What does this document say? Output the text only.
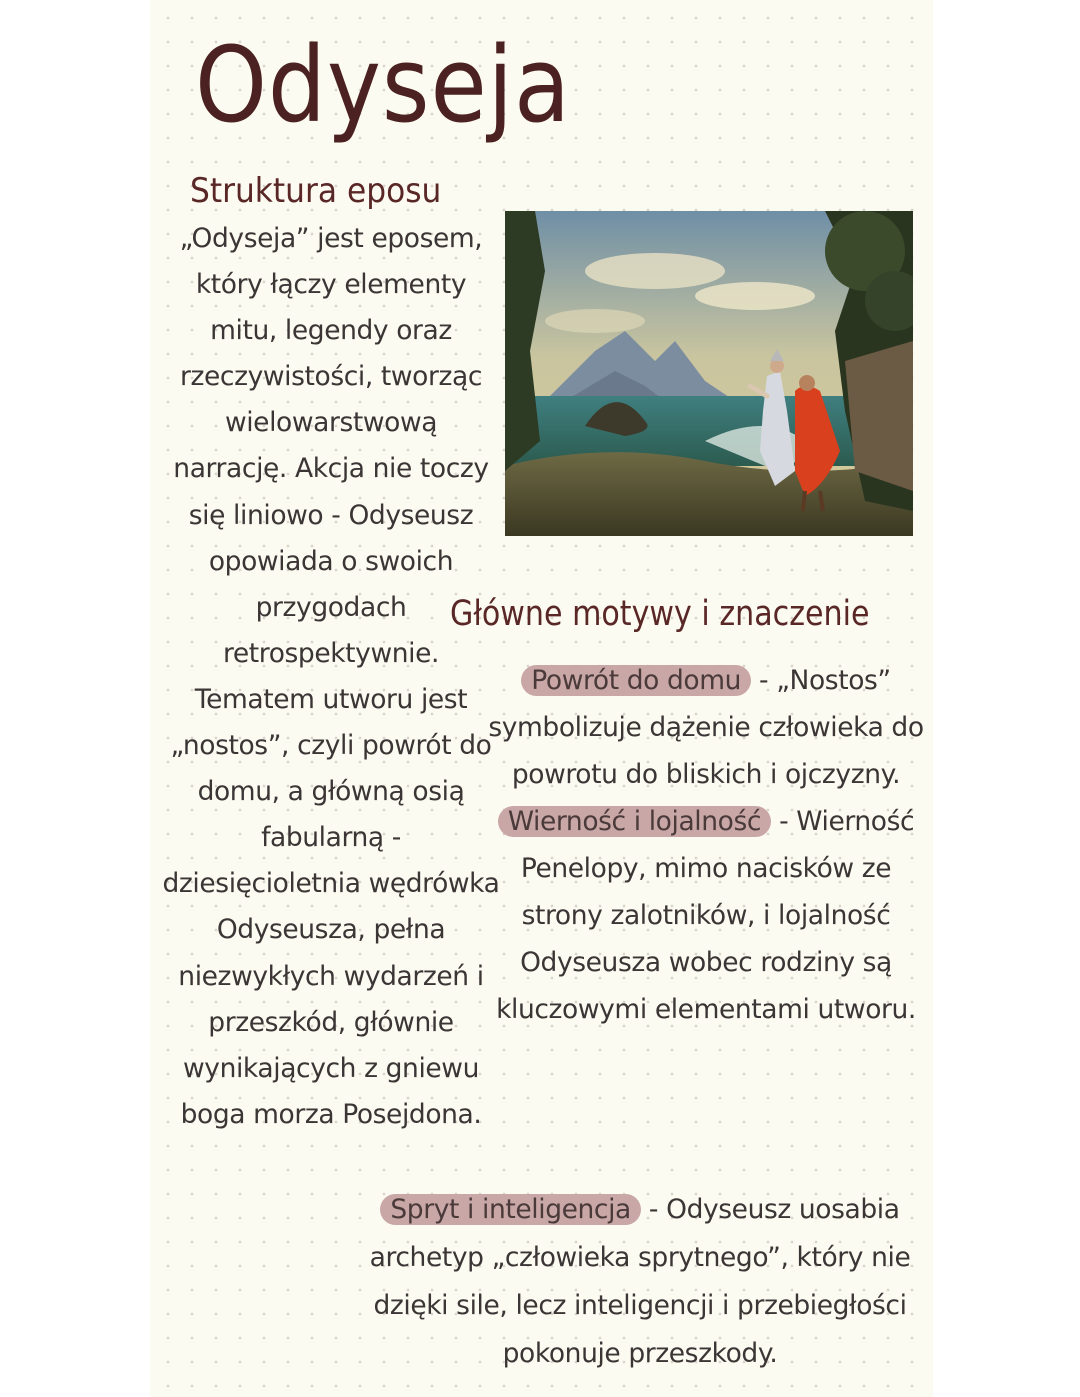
Odyseja
Struktura eposu
„Odyseja” jest eposem,
który łączy elementy
mitu, legendy oraz
rzeczywistości, tworząc
wielowarstwową
narrację. Akcja nie toczy
się liniowo - Odyseusz
opowiada o swoich
przygodach
retrospektywnie.
Tematem utworu jest
„nostos”, czyli powrót do
domu, a główną osią
fabularną -
dziesięcioletnia wędrówka
Odyseusza, pełna
niezwykłych wydarzeń i
przeszkód, głównie
wynikających z gniewu
boga morza Posejdona.
Główne motywy i znaczenie
Powrót do domu - „Nostos” symbolizuje dążenie człowieka do powrotu do bliskich i ojczyzny.
Wierność i lojalność - Wierność Penelopy, mimo nacisków ze strony zalotników, i lojalność Odyseusza wobec rodziny są kluczowymi elementami utworu.
Spryt i inteligencja - Odyseusz uosabia archetyp „człowieka sprytnego”, który nie dzięki sile, lecz inteligencji i przebiegłości pokonuje przeszkody.
